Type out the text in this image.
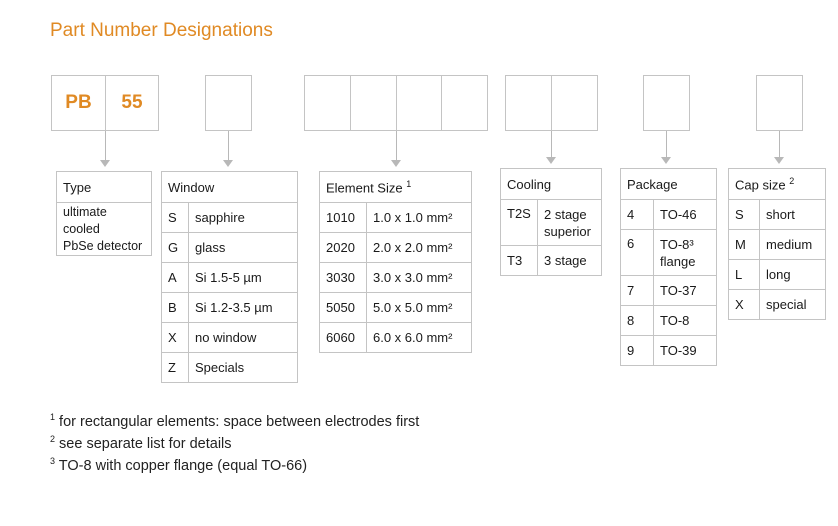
Part Number Designations
PB	55
Type

ultimate cooled
PbSe detector
Window	
S	sapphire
G	glass
A	Si 1.5-5 µm
B	Si 1.2-3.5 µm
X	no window
Z	Specials
Element Size $^1$
1010	1.0 x 1.0 mm²
2020	2.0 x 2.0 mm²
3030	3.0 x 3.0 mm²
5050	5.0 x 5.0 mm²
6060	6.0 x 6.0 mm²
Cooling	
T2S	2 stage
superior

T3	3 stage
Package	
4	TO-46

6	TO-8³
flange

7	TO-37

8	TO-8

9	TO-39
Cap size $^2$
S	short
M	medium
L	long
X	special
$^1$ for rectangular elements: space between electrodes first
$^2$ see separate list for details
$^3$ TO-8 with copper flange (equal TO-66)
